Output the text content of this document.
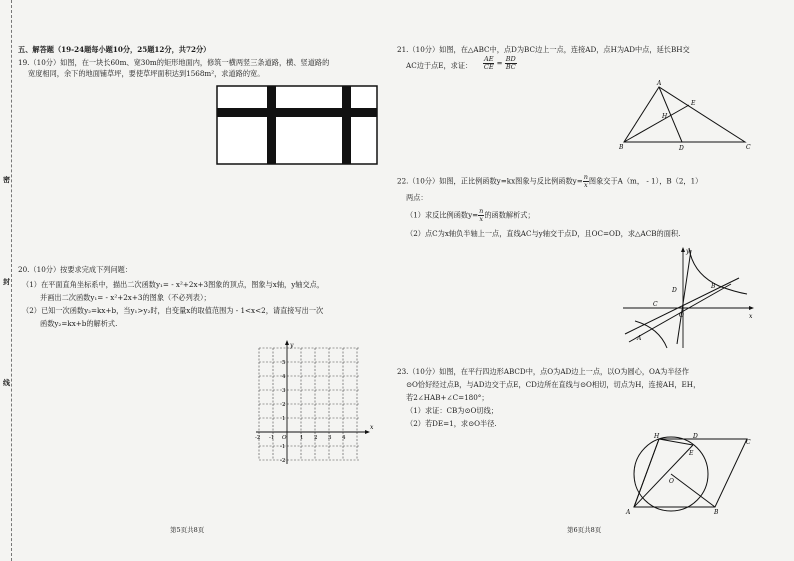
密
封
线
五、解答题（19-24题每小题10分，25题12分，共72分）
19.（10分）如图，在一块长60m、宽30m的矩形地面内，修筑一横两竖三条道路，横、竖道路的
宽度相同，余下的地面铺草坪，要使草坪面积达到1568m²，求道路的宽。
20.（10分）按要求完成下列问题：
（1）在平面直角坐标系中，描出二次函数y₁= - x²+2x+3图象的顶点，图象与x轴，y轴交点，
并画出二次函数y₁= - x²+2x+3的图象（不必列表）；
（2）已知一次函数y₂=kx+b，当y₁>y₂时，自变量x的取值范围为 - 1<x<2，请直接写出一次
函数y₂=kx+b的解析式.
x
y
-2 -1 O 1 2 3 4
5
4
3
2
1
-1
-2
第5页共8页
21.（10分）如图，在△ABC中，点D为BC边上一点，连接AD，点H为AD中点，延长BH交
AC边于点E，求证： $\frac{AE}{CE} = \frac{BD}{BC}$
A
B	C
D
E
H
22.（10分）如图，正比例函数y=kx图象与反比例函数$y= \frac{n}{x}$ 图象交于A（m， - 1），B（2，1）
两点：
（1）求反比例函数$y= \frac{n}{x}$ 的函数解析式；
（2）点C为x轴负半轴上一点，直线AC与y轴交于点D，且OC=OD，求△ACB的面积.
y
x
O
A
B
C
D
23.（10分）如图，在平行四边形ABCD中，点O为AD边上一点，以O为圆心，OA为半径作
⊙O恰好经过点B，与AD边交于点E，CD边所在直线与⊙O相切，切点为H，连接AH，EH，
若2∠HAB+∠C=180°；
（1）求证：CB为⊙O切线；
（2）若DE=1，求⊙O半径.
H	D
C
E
O
A	B
第6页共8页
